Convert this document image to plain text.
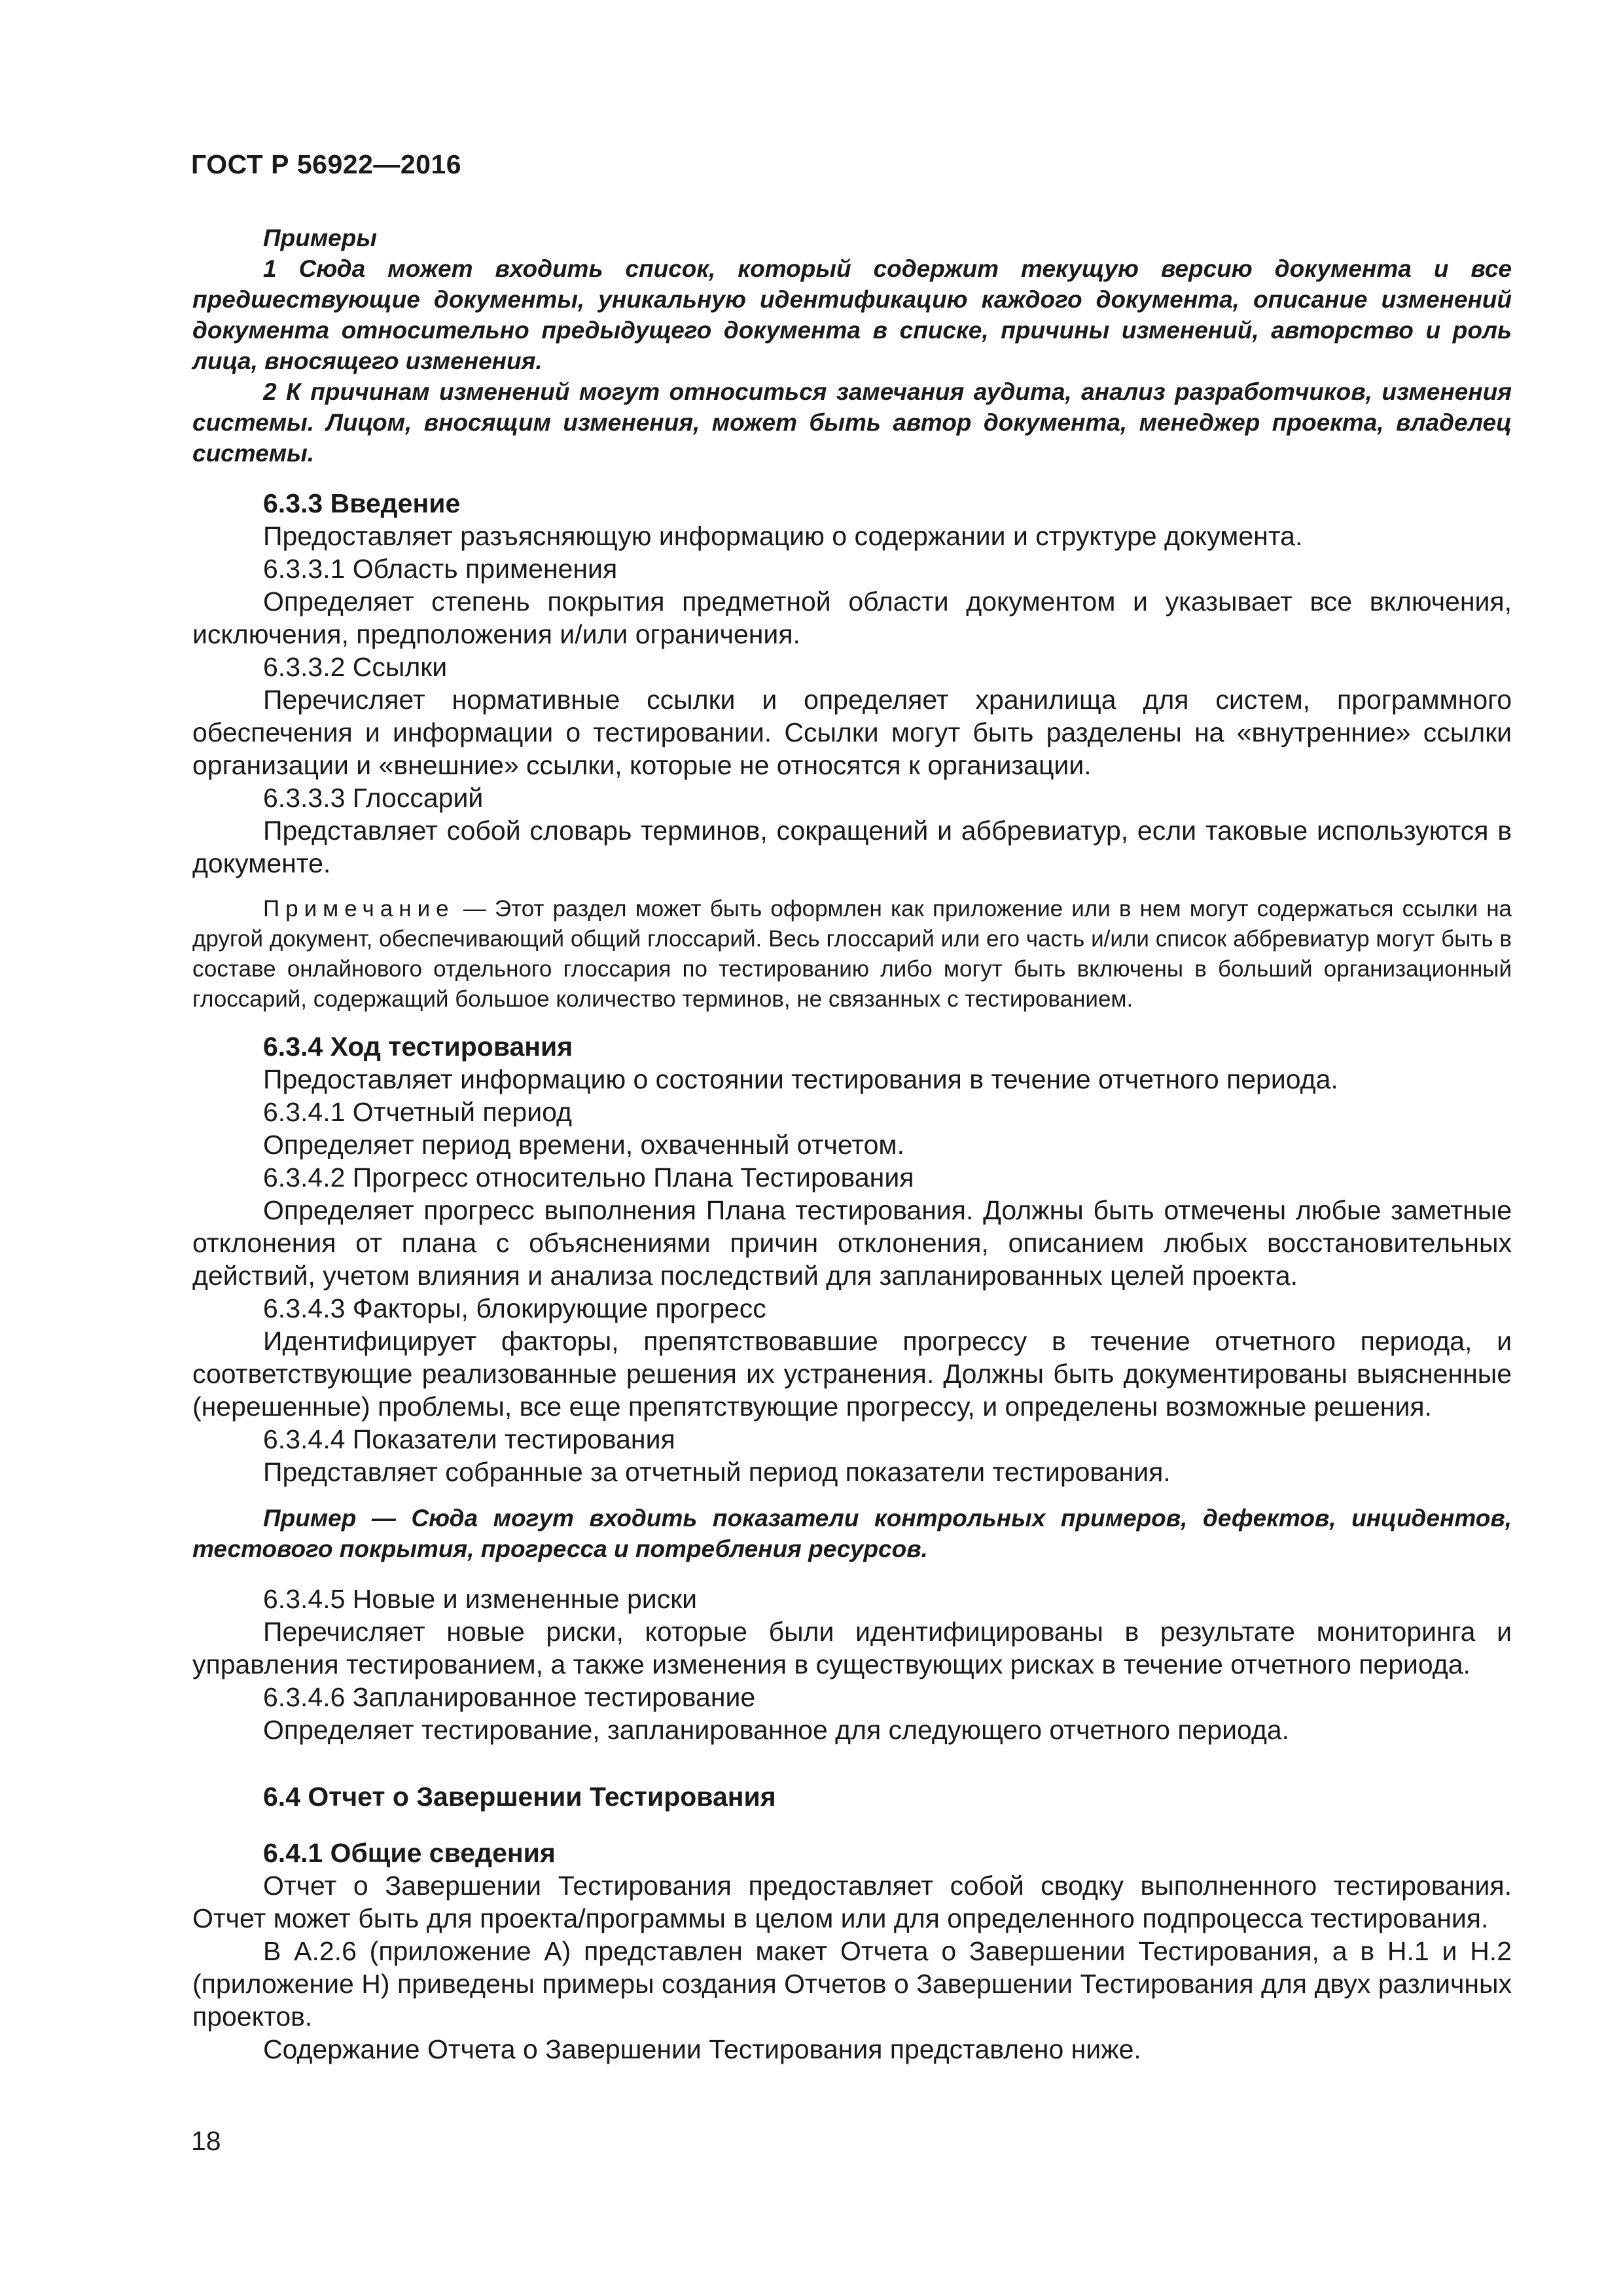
ГОСТ Р 56922—2016

Примеры

1 Сюда может входить список, который содержит текущую версию документа и все предшествующие документы, уникальную идентификацию каждого документа, описание изменений документа относительно предыдущего документа в списке, причины изменений, авторство и роль лица, вносящего изменения.

2 К причинам изменений могут относиться замечания аудита, анализ разработчиков, изменения системы. Лицом, вносящим изменения, может быть автор документа, менеджер проекта, владелец системы.

6.3.3 Введение

Предоставляет разъясняющую информацию о содержании и структуре документа.

6.3.3.1 Область применения

Определяет степень покрытия предметной области документом и указывает все включения, исключения, предположения и/или ограничения.

6.3.3.2 Ссылки

Перечисляет нормативные ссылки и определяет хранилища для систем, программного обеспечения и информации о тестировании. Ссылки могут быть разделены на «внутренние» ссылки организации и «внешние» ссылки, которые не относятся к организации.

6.3.3.3 Глоссарий

Представляет собой словарь терминов, сокращений и аббревиатур, если таковые используются в документе.

Примечание — Этот раздел может быть оформлен как приложение или в нем могут содержаться ссылки на другой документ, обеспечивающий общий глоссарий. Весь глоссарий или его часть и/или список аббревиатур могут быть в составе онлайнового отдельного глоссария по тестированию либо могут быть включены в больший организационный глоссарий, содержащий большое количество терминов, не связанных с тестированием.

6.3.4 Ход тестирования

Предоставляет информацию о состоянии тестирования в течение отчетного периода.

6.3.4.1 Отчетный период

Определяет период времени, охваченный отчетом.

6.3.4.2 Прогресс относительно Плана Тестирования

Определяет прогресс выполнения Плана тестирования. Должны быть отмечены любые заметные отклонения от плана с объяснениями причин отклонения, описанием любых восстановительных действий, учетом влияния и анализа последствий для запланированных целей проекта.

6.3.4.3 Факторы, блокирующие прогресс

Идентифицирует факторы, препятствовавшие прогрессу в течение отчетного периода, и соответствующие реализованные решения их устранения. Должны быть документированы выясненные (нерешенные) проблемы, все еще препятствующие прогрессу, и определены возможные решения.

6.3.4.4 Показатели тестирования

Представляет собранные за отчетный период показатели тестирования.

Пример — Сюда могут входить показатели контрольных примеров, дефектов, инцидентов, тестового покрытия, прогресса и потребления ресурсов.

6.3.4.5 Новые и измененные риски

Перечисляет новые риски, которые были идентифицированы в результате мониторинга и управления тестированием, а также изменения в существующих рисках в течение отчетного периода.

6.3.4.6 Запланированное тестирование

Определяет тестирование, запланированное для следующего отчетного периода.

6.4 Отчет о Завершении Тестирования

6.4.1 Общие сведения

Отчет о Завершении Тестирования предоставляет собой сводку выполненного тестирования. Отчет может быть для проекта/программы в целом или для определенного подпроцесса тестирования.

В А.2.6 (приложение А) представлен макет Отчета о Завершении Тестирования, а в Н.1 и Н.2 (приложение Н) приведены примеры создания Отчетов о Завершении Тестирования для двух различных проектов.

Содержание Отчета о Завершении Тестирования представлено ниже.

18
